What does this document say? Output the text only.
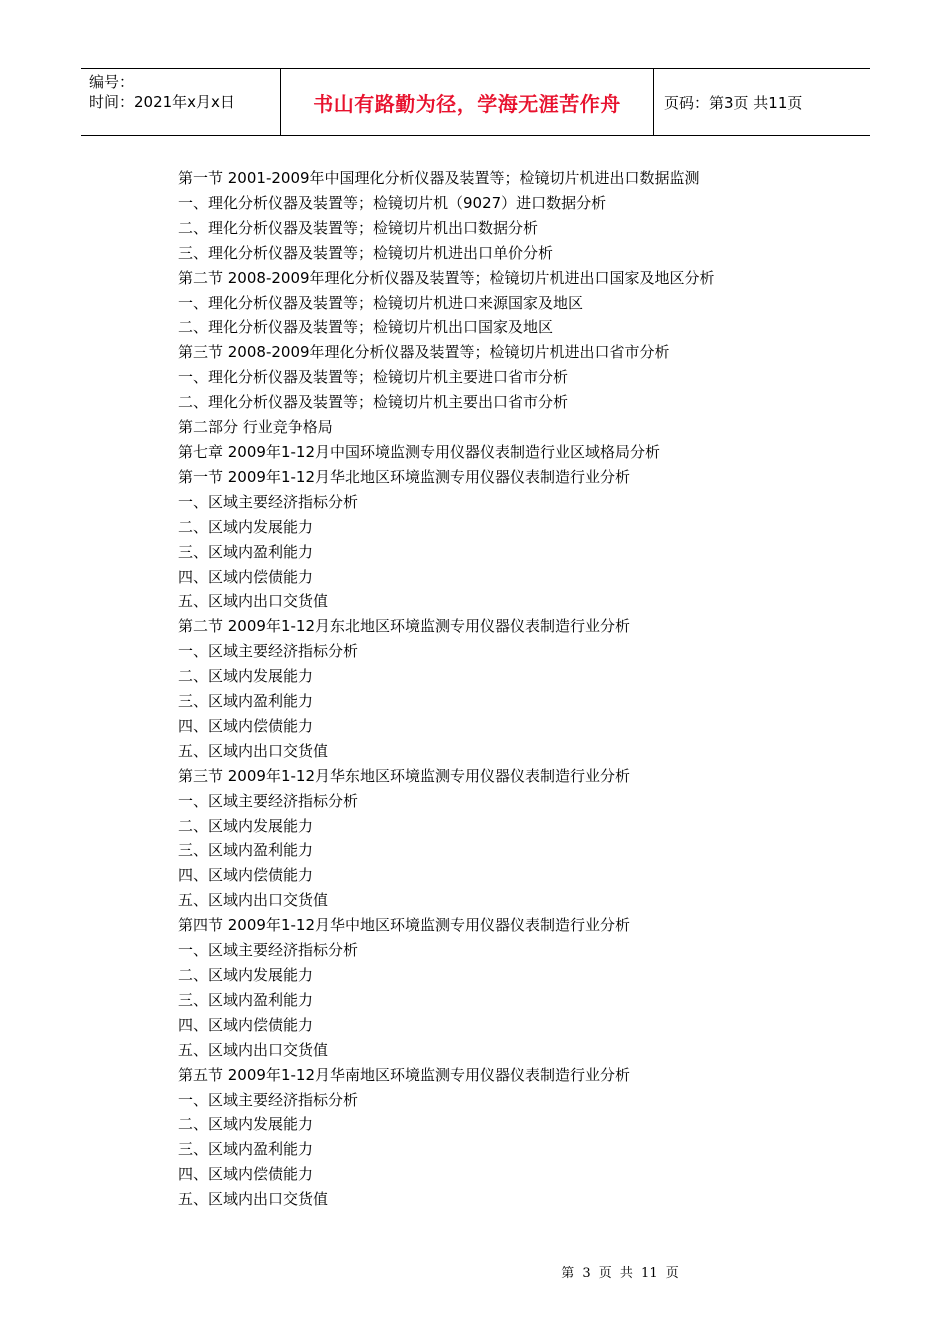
编号：
时间：2021年x月x日	书山有路勤为径，学海无涯苦作舟	页码：第3页 共11页
第一节 2001-2009年中国理化分析仪器及装置等；检镜切片机进出口数据监测
一、理化分析仪器及装置等；检镜切片机（9027）进口数据分析
二、理化分析仪器及装置等；检镜切片机出口数据分析
三、理化分析仪器及装置等；检镜切片机进出口单价分析
第二节 2008-2009年理化分析仪器及装置等；检镜切片机进出口国家及地区分析
一、理化分析仪器及装置等；检镜切片机进口来源国家及地区
二、理化分析仪器及装置等；检镜切片机出口国家及地区
第三节 2008-2009年理化分析仪器及装置等；检镜切片机进出口省市分析
一、理化分析仪器及装置等；检镜切片机主要进口省市分析
二、理化分析仪器及装置等；检镜切片机主要出口省市分析
第二部分 行业竞争格局
第七章 2009年1-12月中国环境监测专用仪器仪表制造行业区域格局分析
第一节 2009年1-12月华北地区环境监测专用仪器仪表制造行业分析
一、区域主要经济指标分析
二、区域内发展能力
三、区域内盈利能力
四、区域内偿债能力
五、区域内出口交货值
第二节 2009年1-12月东北地区环境监测专用仪器仪表制造行业分析
一、区域主要经济指标分析
二、区域内发展能力
三、区域内盈利能力
四、区域内偿债能力
五、区域内出口交货值
第三节 2009年1-12月华东地区环境监测专用仪器仪表制造行业分析
一、区域主要经济指标分析
二、区域内发展能力
三、区域内盈利能力
四、区域内偿债能力
五、区域内出口交货值
第四节 2009年1-12月华中地区环境监测专用仪器仪表制造行业分析
一、区域主要经济指标分析
二、区域内发展能力
三、区域内盈利能力
四、区域内偿债能力
五、区域内出口交货值
第五节 2009年1-12月华南地区环境监测专用仪器仪表制造行业分析
一、区域主要经济指标分析
二、区域内发展能力
三、区域内盈利能力
四、区域内偿债能力
五、区域内出口交货值
第 3 页 共 11 页
